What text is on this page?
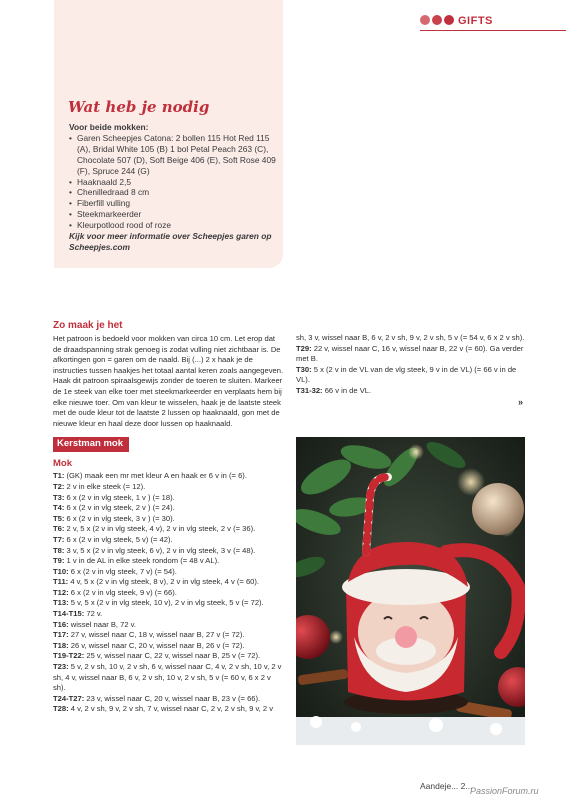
GIFTS
Wat heb je nodig
Voor beide mokken:
• Garen Scheepjes Catona: 2 bollen 115 Hot Red 115 (A), Bridal White 105 (B) 1 bol Petal Peach 263 (C), Chocolate 507 (D), Soft Beige 406 (E), Soft Rose 409 (F), Spruce 244 (G)
• Haaknaald 2,5
• Chenilledraad 8 cm
• Fiberfill vulling
• Steekmarkeerder
• Kleurpotlood rood of roze
Kijk voor meer informatie over Scheepjes garen op Scheepjes.com
Zo maak je het
Het patroon is bedoeld voor mokken van circa 10 cm. Let erop dat de draadspanning strak genoeg is zodat vulling niet zichtbaar is. De afkortingen gon = garen om de naald. Bij (...) 2 x haak je de instructies tussen haakjes het totaal aantal keren zoals aangegeven. Haak dit patroon spiraalsgewijs zonder de toeren te sluiten. Markeer de 1e steek van elke toer met steekmarkeerder en verplaats hem bij elke nieuwe toer. Om van kleur te wisselen, haak je de laatste steek met de oude kleur tot de laatste 2 lussen op haaknaald, gon met de nieuwe kleur en haal deze door lussen op haaknaald.
Kerstman mok
Mok
T1: (GK) maak een mr met kleur A en haak er 6 v in (= 6).
T2: 2 v in elke steek (= 12).
T3: 6 x (2 v in vlg steek, 1 v ) (= 18).
T4: 6 x (2 v in vlg steek, 2 v ) (= 24).
T5: 6 x (2 v in vlg steek, 3 v ) (= 30).
T6: 2 v, 5 x (2 v in vlg steek, 4 v), 2 v in vlg steek, 2 v (= 36).
T7: 6 x (2 v in vlg steek, 5 v) (= 42).
T8: 3 v, 5 x (2 v in vlg steek, 6 v), 2 v in vlg steek, 3 v (= 48).
T9: 1 v in de AL in elke steek rondom (= 48 v AL).
T10: 6 x (2 v in vlg steek, 7 v) (= 54).
T11: 4 v, 5 x (2 v in vlg steek, 8 v), 2 v in vlg steek, 4 v (= 60).
T12: 6 x (2 v in vlg steek, 9 v) (= 66).
T13: 5 v, 5 x (2 v in vlg steek, 10 v), 2 v in vlg steek, 5 v (= 72).
T14-T15: 72 v.
T16: wissel naar B, 72 v.
T17: 27 v, wissel naar C, 18 v, wissel naar B, 27 v (= 72).
T18: 26 v, wissel naar C, 20 v, wissel naar B, 26 v (= 72).
T19-T22: 25 v, wissel naar C, 22 v, wissel naar B, 25 v (= 72).
T23: 5 v, 2 v sh, 10 v, 2 v sh, 6 v, wissel naar C, 4 v, 2 v sh, 10 v, 2 v sh, 4 v, wissel naar B, 6 v, 2 v sh, 10 v, 2 v sh, 5 v (= 60 v, 6 x 2 v sh).
T24-T27: 23 v, wissel naar C, 20 v, wissel naar B, 23 v (= 66).
T28: 4 v, 2 v sh, 9 v, 2 v sh, 7 v, wissel naar C, 2 v, 2 v sh, 9 v, 2 v
sh, 3 v, wissel naar B, 6 v, 2 v sh, 9 v, 2 v sh, 5 v (= 54 v, 6 x 2 v sh).
T29: 22 v, wissel naar C, 16 v, wissel naar B, 22 v (= 60). Ga verder met B.
T30: 5 x (2 v in de VL van de vlg steek, 9 v in de VL) (= 66 v in de VL).
T31-32: 66 v in de VL.
»
Aandeje... 2...
PassionForum.ru
